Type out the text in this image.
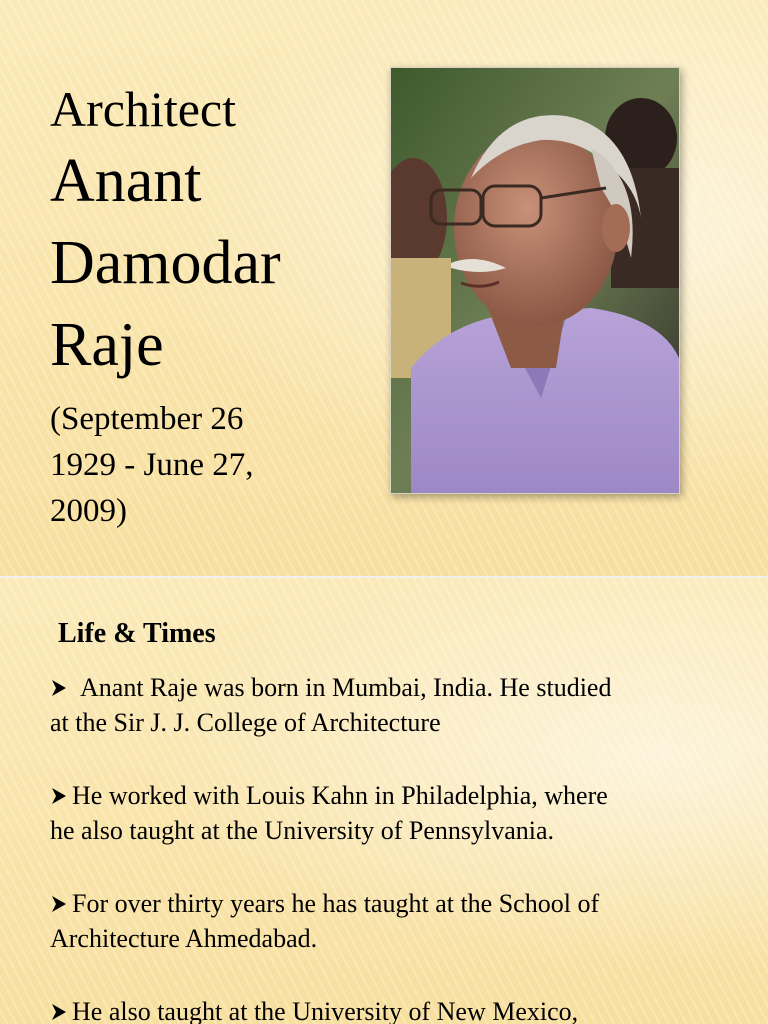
Architect

Anant

Damodar

Raje

(September 26
1929 - June 27,
2009)

Life & Times

Anant Raje was born in Mumbai, India. He studied
at the Sir J. J. College of Architecture
He worked with Louis Kahn in Philadelphia, where
he also taught at the University of Pennsylvania.
For over thirty years he has taught at the School of
Architecture Ahmedabad.
He also taught at the University of New Mexico,
